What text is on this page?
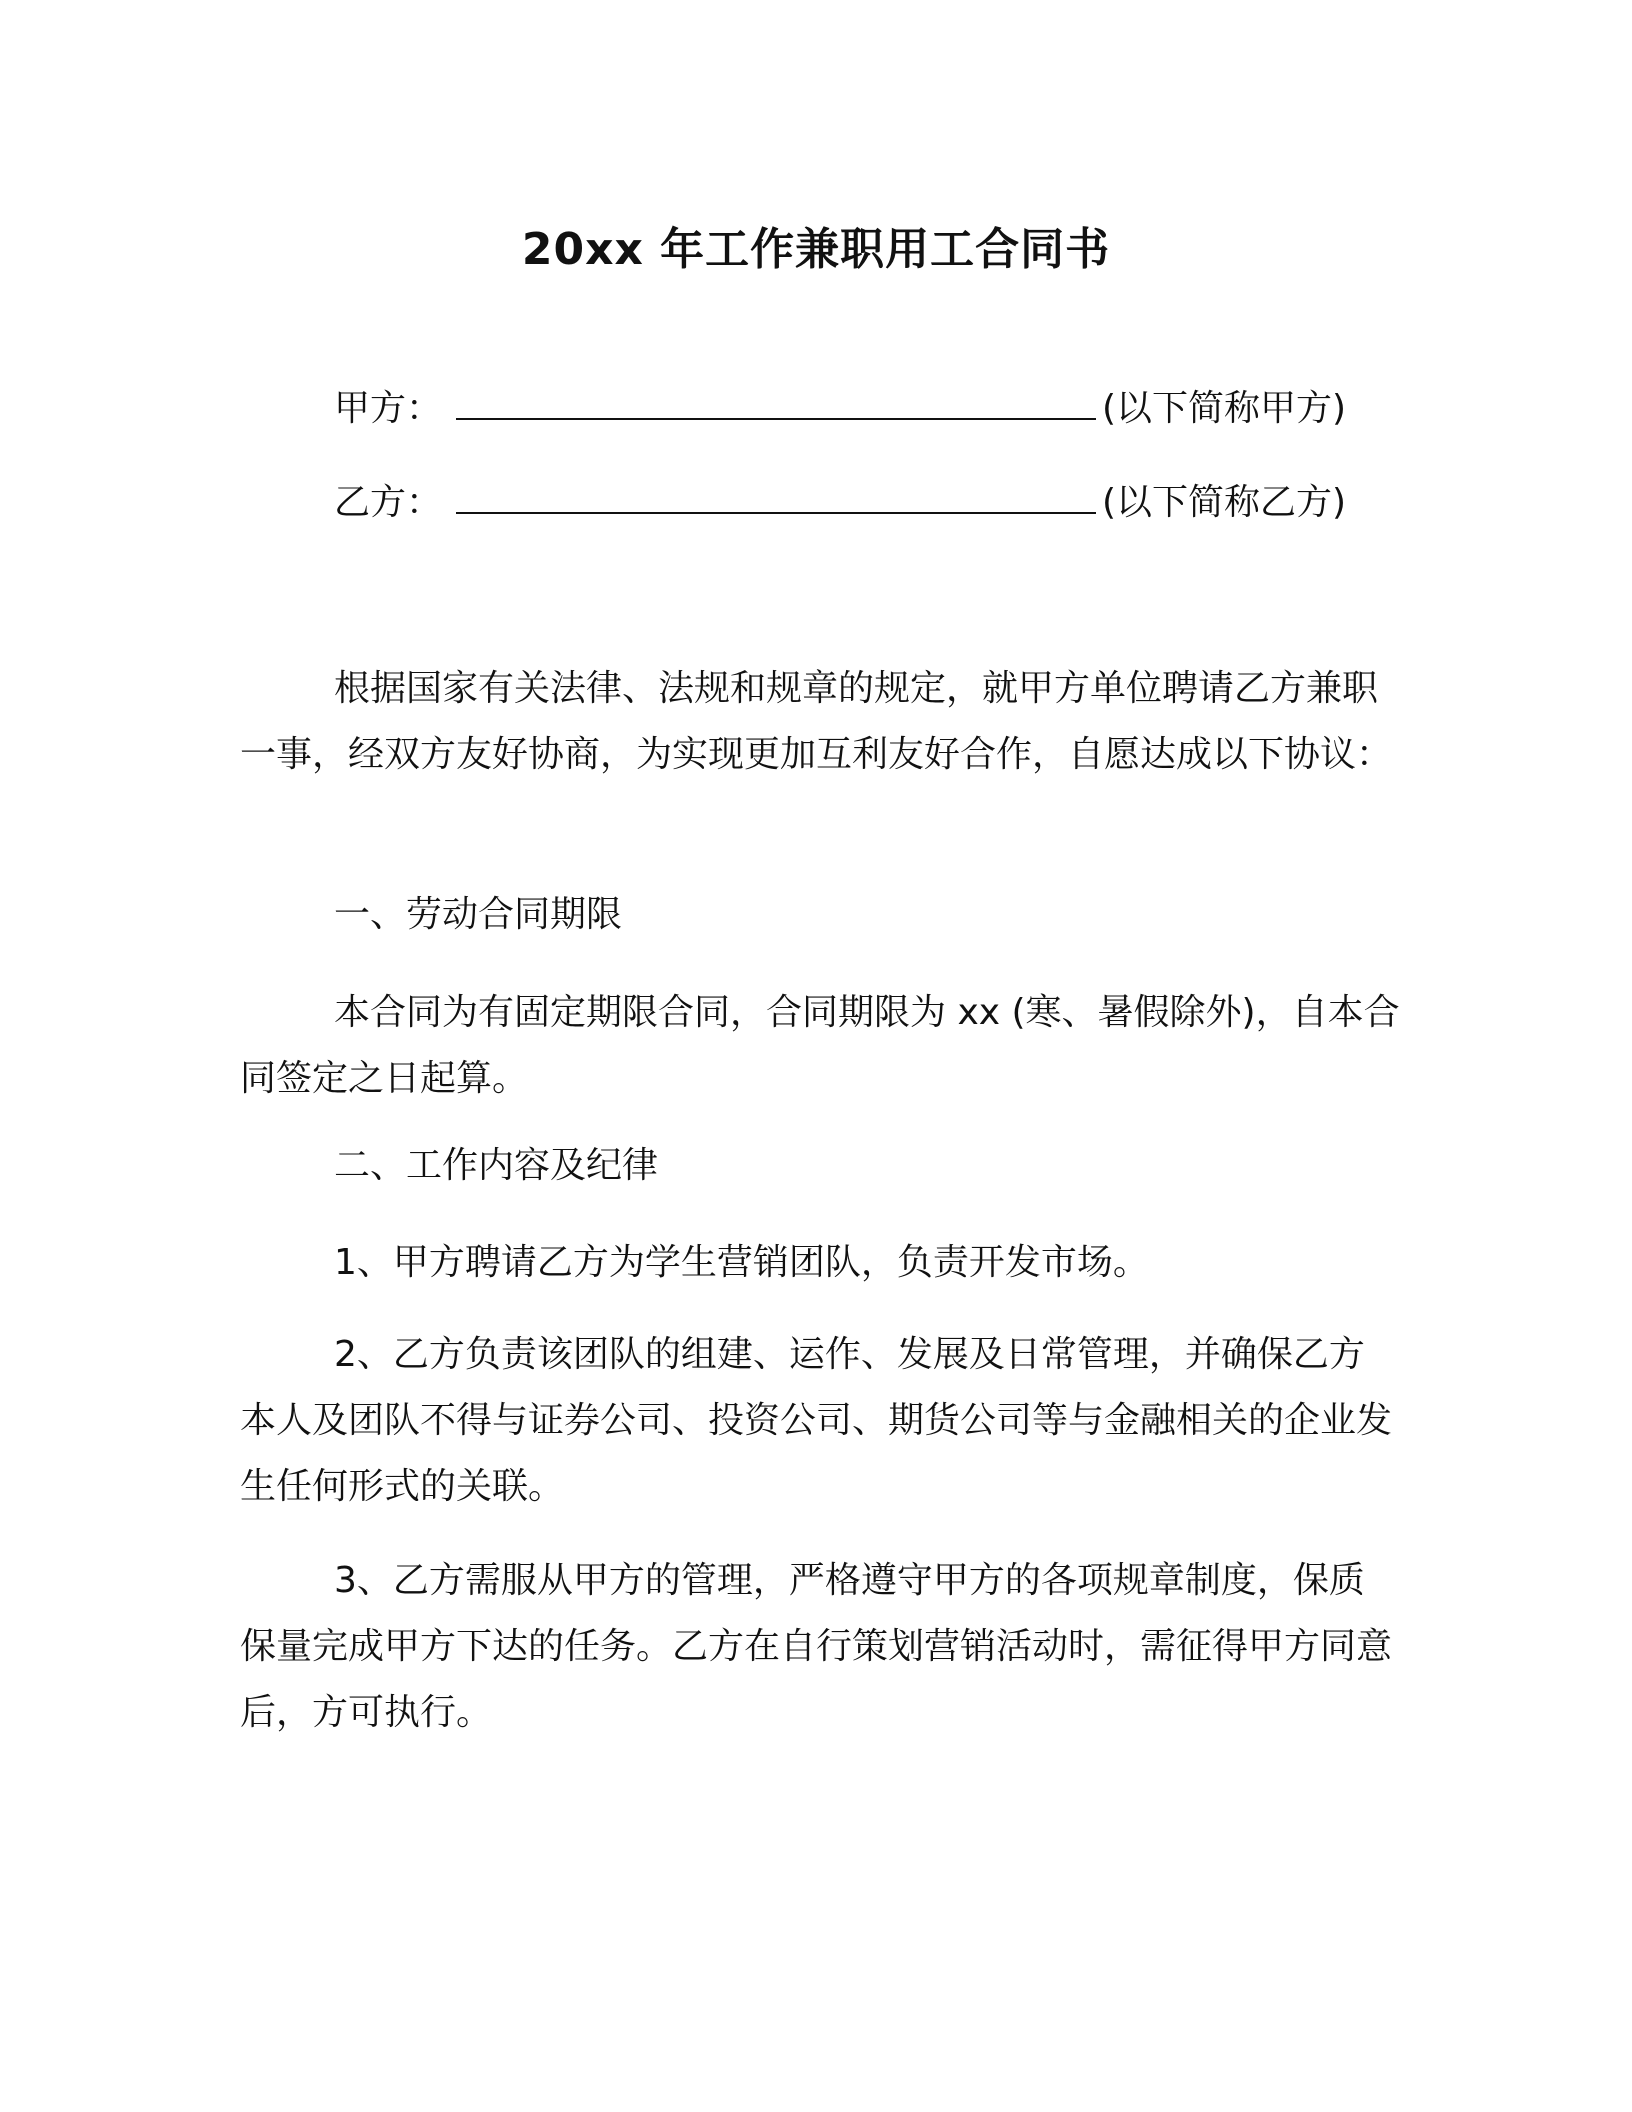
20xx 年工作兼职用工合同书
甲方：	(以下简称甲方)
乙方：	(以下简称乙方)

根据国家有关法律、法规和规章的规定，就甲方单位聘请乙方兼职一事，经双方友好协商，为实现更加互利友好合作，自愿达成以下协议：

一、劳动合同期限

本合同为有固定期限合同，合同期限为 xx (寒、暑假除外)，自本合同签定之日起算。

二、工作内容及纪律

1、甲方聘请乙方为学生营销团队，负责开发市场。

2、乙方负责该团队的组建、运作、发展及日常管理，并确保乙方本人及团队不得与证券公司、投资公司、期货公司等与金融相关的企业发生任何形式的关联。

3、乙方需服从甲方的管理，严格遵守甲方的各项规章制度，保质保量完成甲方下达的任务。乙方在自行策划营销活动时，需征得甲方同意后，方可执行。
